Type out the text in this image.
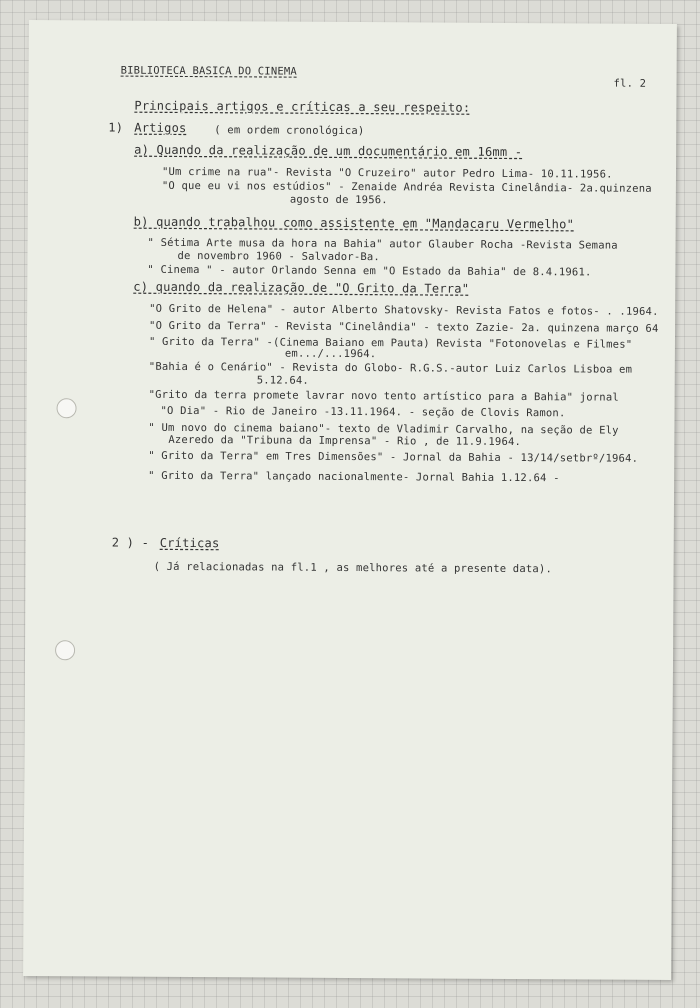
BIBLIOTECA BASICA DO CINEMA
fl. 2
Principais artigos e críticas a seu respeito:
1) Artigos	( em ordem cronológica)
a) Quando da realização de um documentário em 16mm -
"Um crime na rua"- Revista "O Cruzeiro" autor Pedro Lima- 10.11.1956.
"O que eu vi nos estúdios" - Zenaide Andréa Revista Cinelândia- 2a.quinzena
agosto de 1956.
b) quando trabalhou como assistente em "Mandacaru Vermelho"
" Sétima Arte musa da hora na Bahia" autor Glauber Rocha -Revista Semana
de novembro 1960 - Salvador-Ba.
" Cinema " - autor Orlando Senna em "O Estado da Bahia" de 8.4.1961.
c) quando da realização de "O Grito da Terra"
"O Grito de Helena" - autor Alberto Shatovsky- Revista Fatos e fotos- . .1964.
"O Grito da Terra" - Revista "Cinelândia" - texto Zazie- 2a. quinzena março 64
" Grito da Terra" -(Cinema Baiano em Pauta) Revista "Fotonovelas e Filmes"
em.../...1964.
"Bahia é o Cenário" - Revista do Globo- R.G.S.-autor Luiz Carlos Lisboa em
5.12.64.
"Grito da terra promete lavrar novo tento artístico para a Bahia" jornal
"O Dia" - Rio de Janeiro -13.11.1964. - seção de Clovis Ramon.
" Um novo do cinema baiano"- texto de Vladimir Carvalho, na seção de Ely
Azeredo da "Tribuna da Imprensa" - Rio , de 11.9.1964.
" Grito da Terra" em Tres Dimensões" - Jornal da Bahia - 13/14/setbrº/1964.
" Grito da Terra" lançado nacionalmente- Jornal Bahia 1.12.64 -
2 ) - Críticas
( Já relacionadas na fl.1 , as melhores até a presente data).
